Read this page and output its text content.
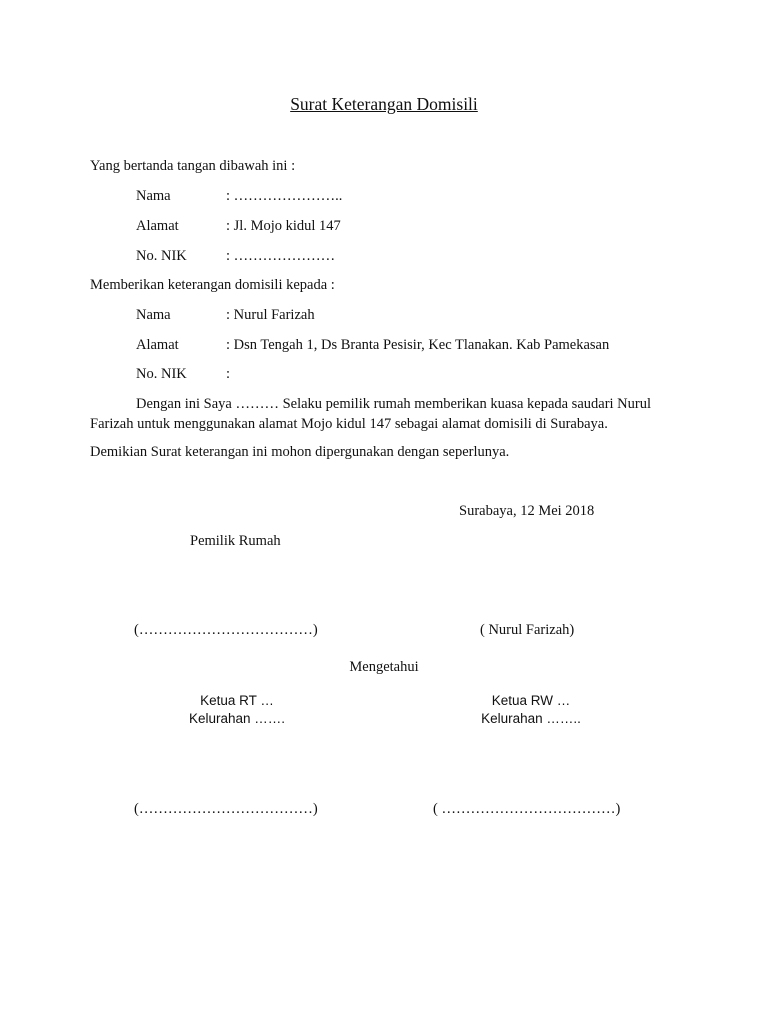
Surat Keterangan Domisili
Yang bertanda tangan dibawah ini :
Nama	: …………………..
Alamat	: Jl. Mojo kidul 147
No. NIK	: …………………
Memberikan keterangan domisili kepada :
Nama	: Nurul Farizah
Alamat	: Dsn Tengah 1, Ds Branta Pesisir, Kec Tlanakan. Kab Pamekasan
No. NIK	:
Dengan ini Saya ……… Selaku pemilik rumah memberikan kuasa kepada saudari Nurul Farizah untuk menggunakan alamat Mojo kidul 147 sebagai alamat domisili di Surabaya.
Demikian Surat keterangan ini mohon dipergunakan dengan seperlunya.
Surabaya, 12 Mei 2018
Pemilik Rumah
(………………………………)	( Nurul Farizah)
Mengetahui
Ketua RT …
Kelurahan …….
Ketua RW …
Kelurahan ……..
(………………………………)	( ………………………………)
